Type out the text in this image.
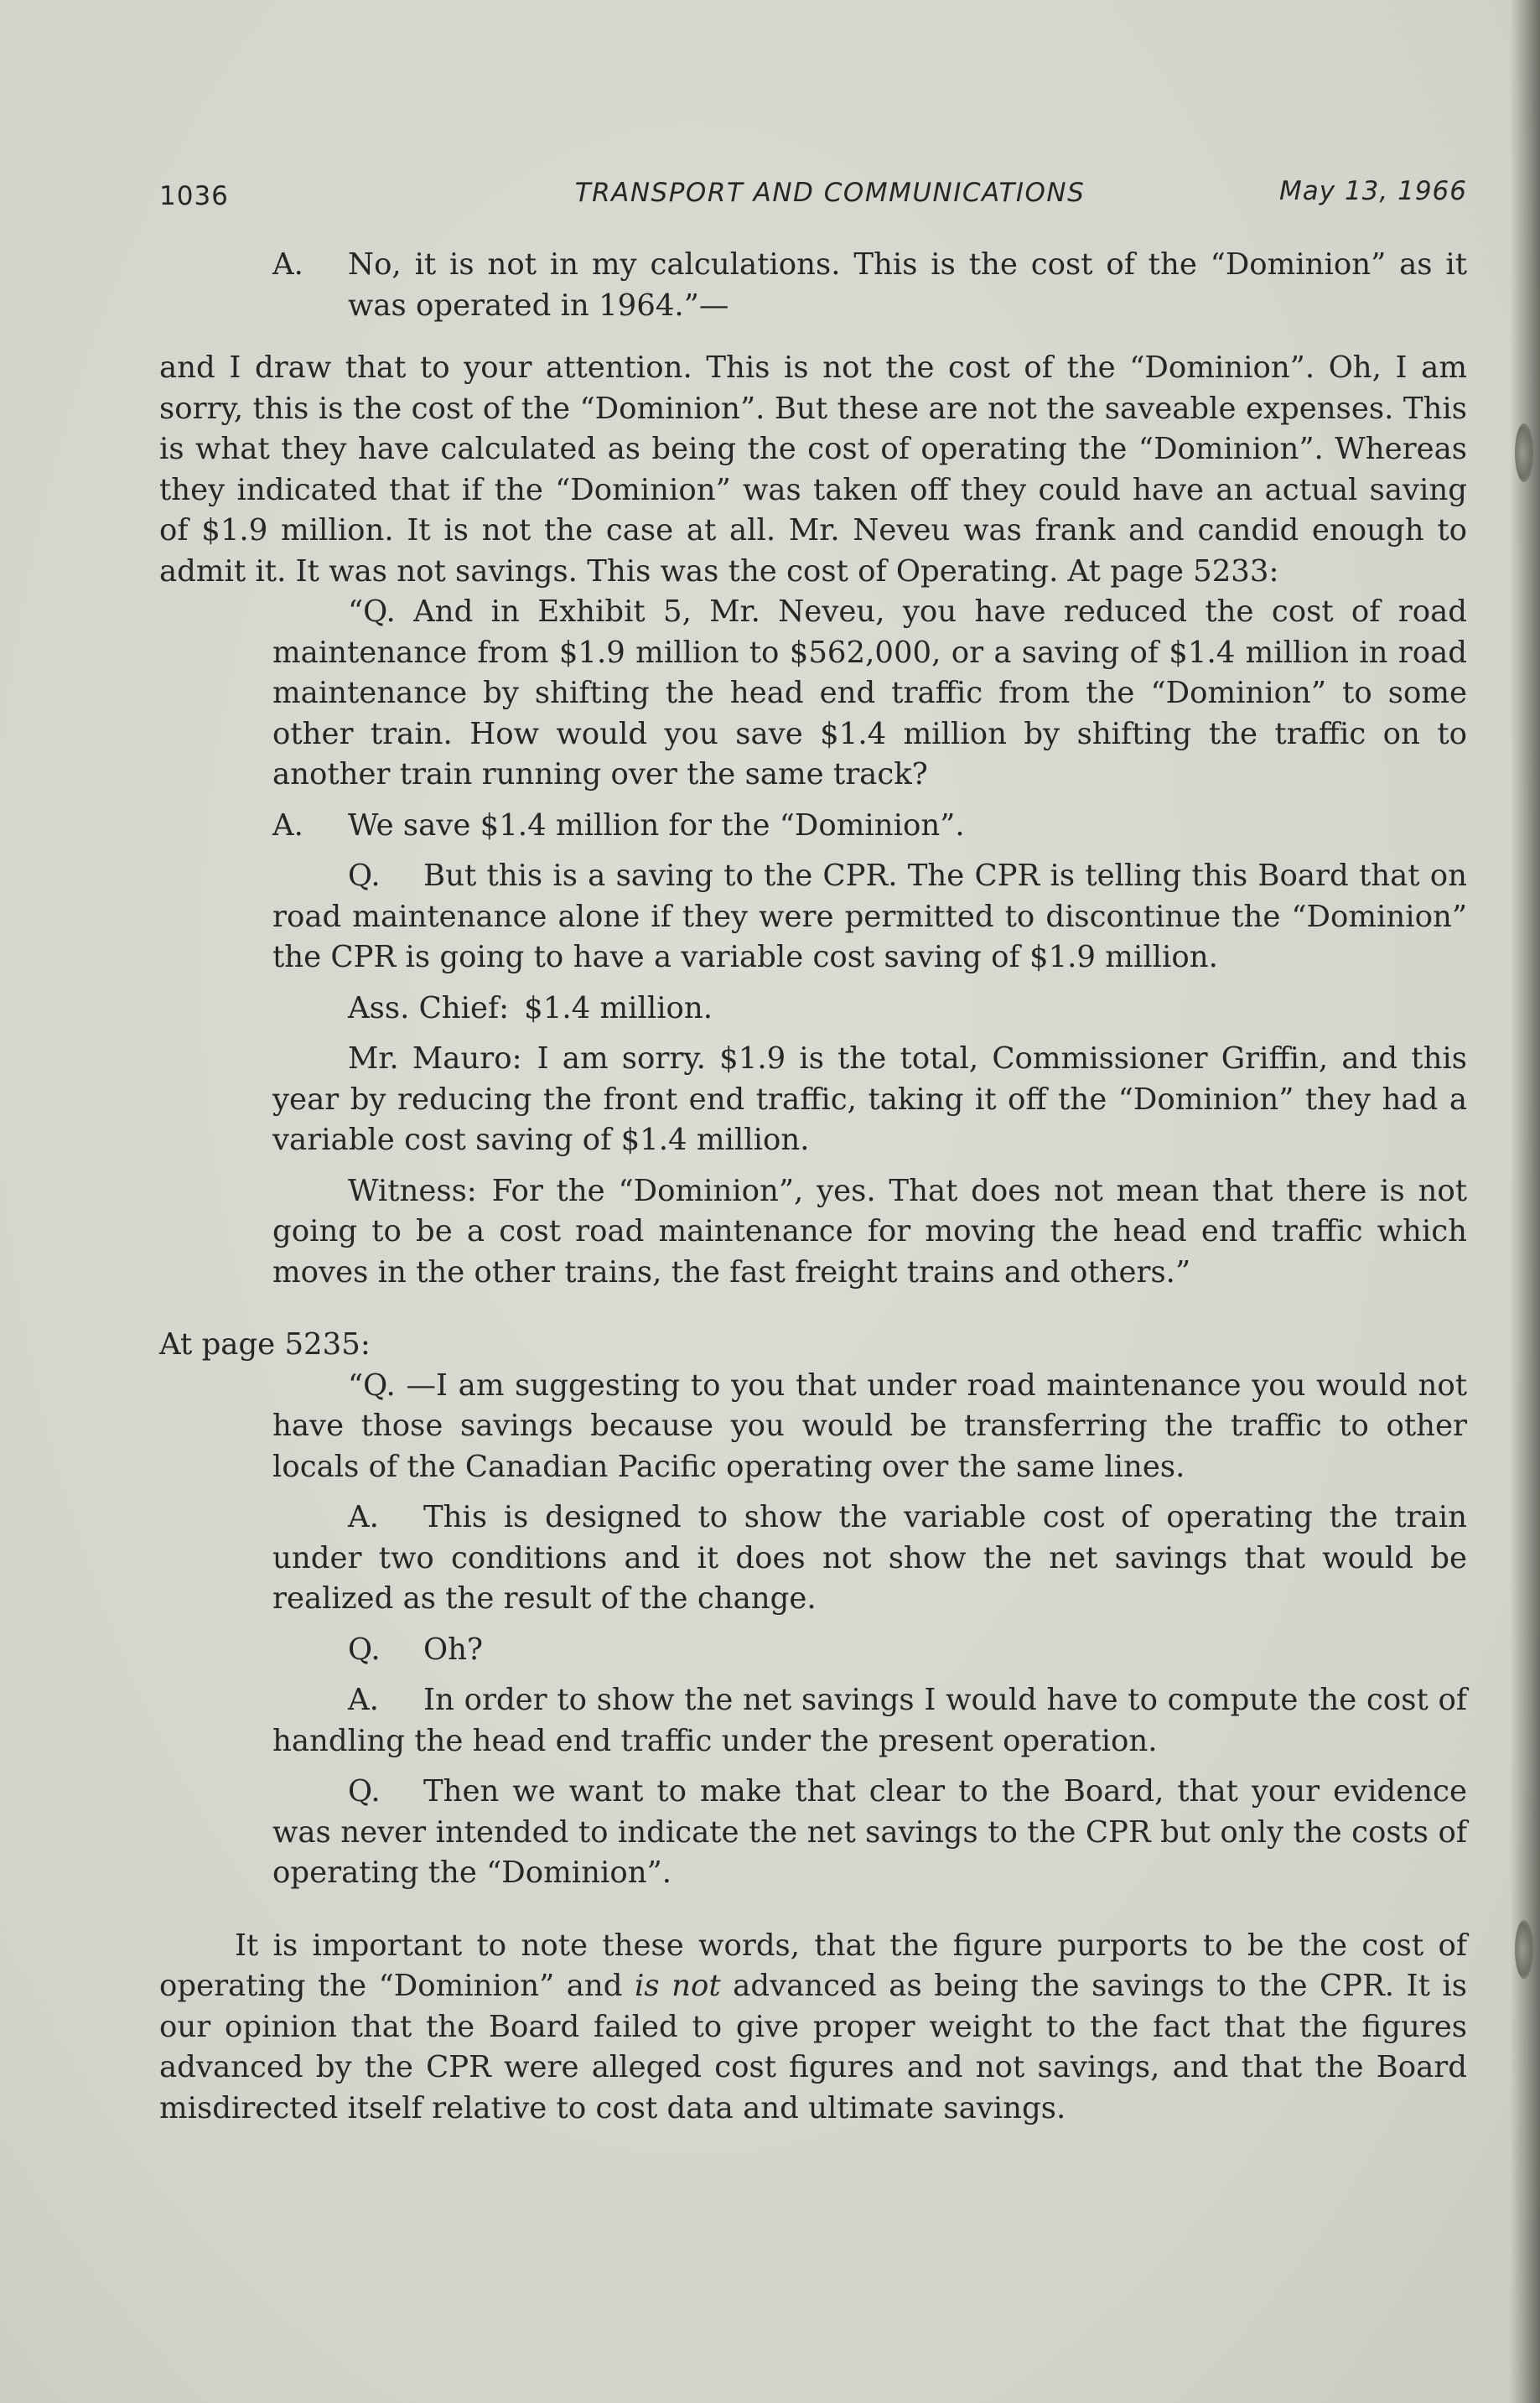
1036	TRANSPORT AND COMMUNICATIONS	May 13, 1966

A. No, it is not in my calculations. This is the cost of the “Dominion” as it was operated in 1964.”—

and I draw that to your attention. This is not the cost of the “Dominion”. Oh, I am sorry, this is the cost of the “Dominion”. But these are not the saveable expenses. This is what they have calculated as being the cost of operating the “Dominion”. Whereas they indicated that if the “Dominion” was taken off they could have an actual saving of $1.9 million. It is not the case at all. Mr. Neveu was frank and candid enough to admit it. It was not savings. This was the cost of Operating. At page 5233:

“Q. And in Exhibit 5, Mr. Neveu, you have reduced the cost of road maintenance from $1.9 million to $562,000, or a saving of $1.4 million in road maintenance by shifting the head end traffic from the “Dominion” to some other train. How would you save $1.4 million by shifting the traffic on to another train running over the same track?

A. We save $1.4 million for the “Dominion”.

Q. But this is a saving to the CPR. The CPR is telling this Board that on road maintenance alone if they were permitted to discontinue the “Dominion” the CPR is going to have a variable cost saving of $1.9 million.

Ass. Chief: $1.4 million.

Mr. Mauro: I am sorry. $1.9 is the total, Commissioner Griffin, and this year by reducing the front end traffic, taking it off the “Dominion” they had a variable cost saving of $1.4 million.

Witness: For the “Dominion”, yes. That does not mean that there is not going to be a cost road maintenance for moving the head end traffic which moves in the other trains, the fast freight trains and others.”

At page 5235:

“Q. —I am suggesting to you that under road maintenance you would not have those savings because you would be transferring the traffic to other locals of the Canadian Pacific operating over the same lines.

A. This is designed to show the variable cost of operating the train under two conditions and it does not show the net savings that would be realized as the result of the change.

Q. Oh?

A. In order to show the net savings I would have to compute the cost of handling the head end traffic under the present operation.

Q. Then we want to make that clear to the Board, that your evidence was never intended to indicate the net savings to the CPR but only the costs of operating the “Dominion”.

It is important to note these words, that the figure purports to be the cost of operating the “Dominion” and is not advanced as being the savings to the CPR. It is our opinion that the Board failed to give proper weight to the fact that the figures advanced by the CPR were alleged cost figures and not savings, and that the Board misdirected itself relative to cost data and ultimate savings.
